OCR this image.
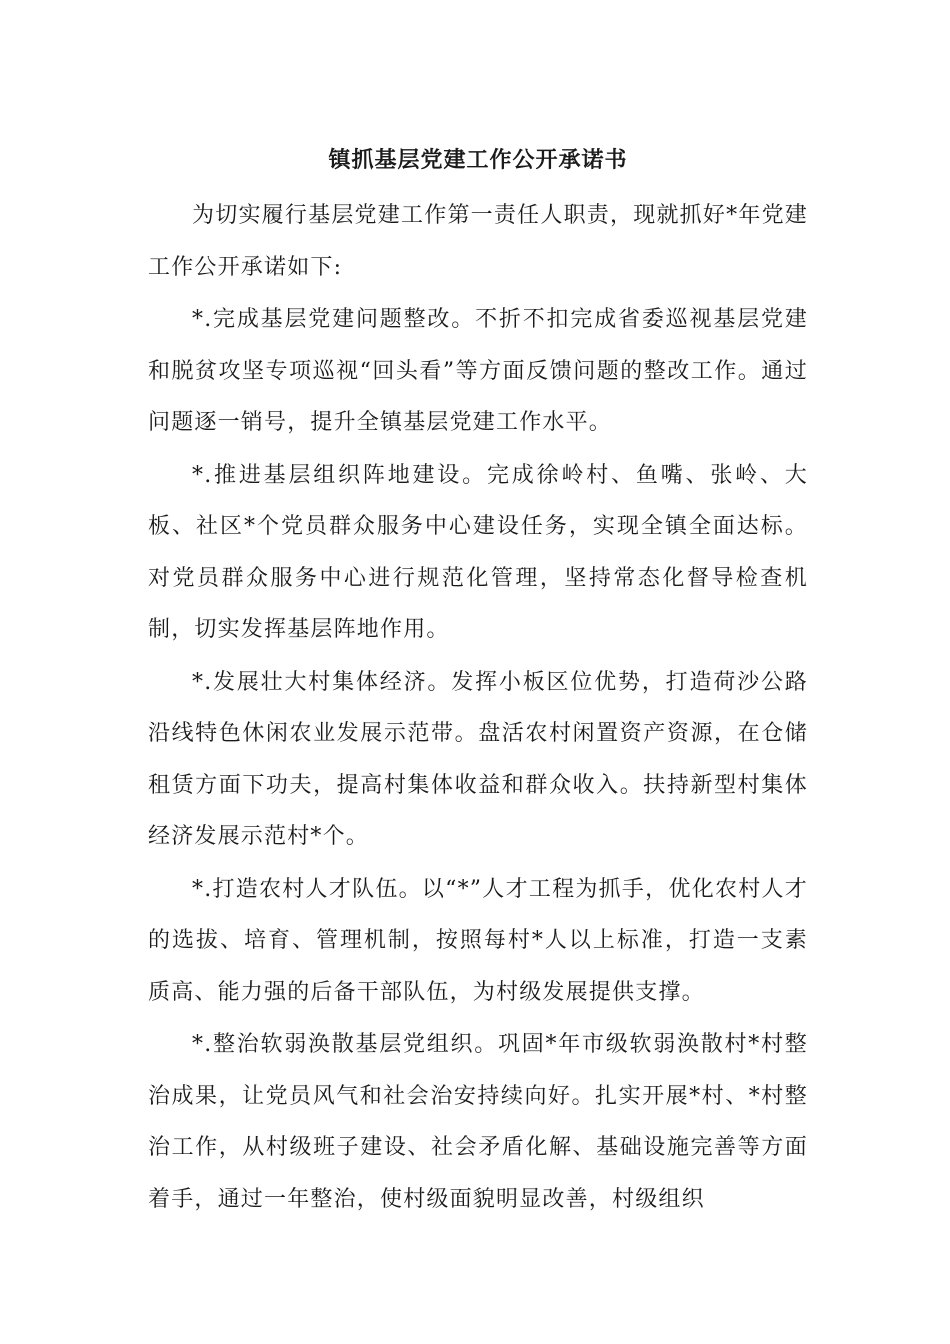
镇抓基层党建工作公开承诺书

为切实履行基层党建工作第一责任人职责，现就抓好*年党建工作公开承诺如下:

*.完成基层党建问题整改。不折不扣完成省委巡视基层党建和脱贫攻坚专项巡视“回头看”等方面反馈问题的整改工作。通过问题逐一销号，提升全镇基层党建工作水平。

*.推进基层组织阵地建设。完成徐岭村、鱼嘴、张岭、大板、社区*个党员群众服务中心建设任务，实现全镇全面达标。对党员群众服务中心进行规范化管理，坚持常态化督导检查机制，切实发挥基层阵地作用。

*.发展壮大村集体经济。发挥小板区位优势，打造荷沙公路沿线特色休闲农业发展示范带。盘活农村闲置资产资源，在仓储租赁方面下功夫，提高村集体收益和群众收入。扶持新型村集体经济发展示范村*个。

*.打造农村人才队伍。以“*”人才工程为抓手，优化农村人才的选拔、培育、管理机制，按照每村*人以上标准，打造一支素质高、能力强的后备干部队伍，为村级发展提供支撑。

*.整治软弱涣散基层党组织。巩固*年市级软弱涣散村*村整治成果，让党员风气和社会治安持续向好。扎实开展*村、*村整治工作，从村级班子建设、社会矛盾化解、基础设施完善等方面着手，通过一年整治，使村级面貌明显改善，村级组织
